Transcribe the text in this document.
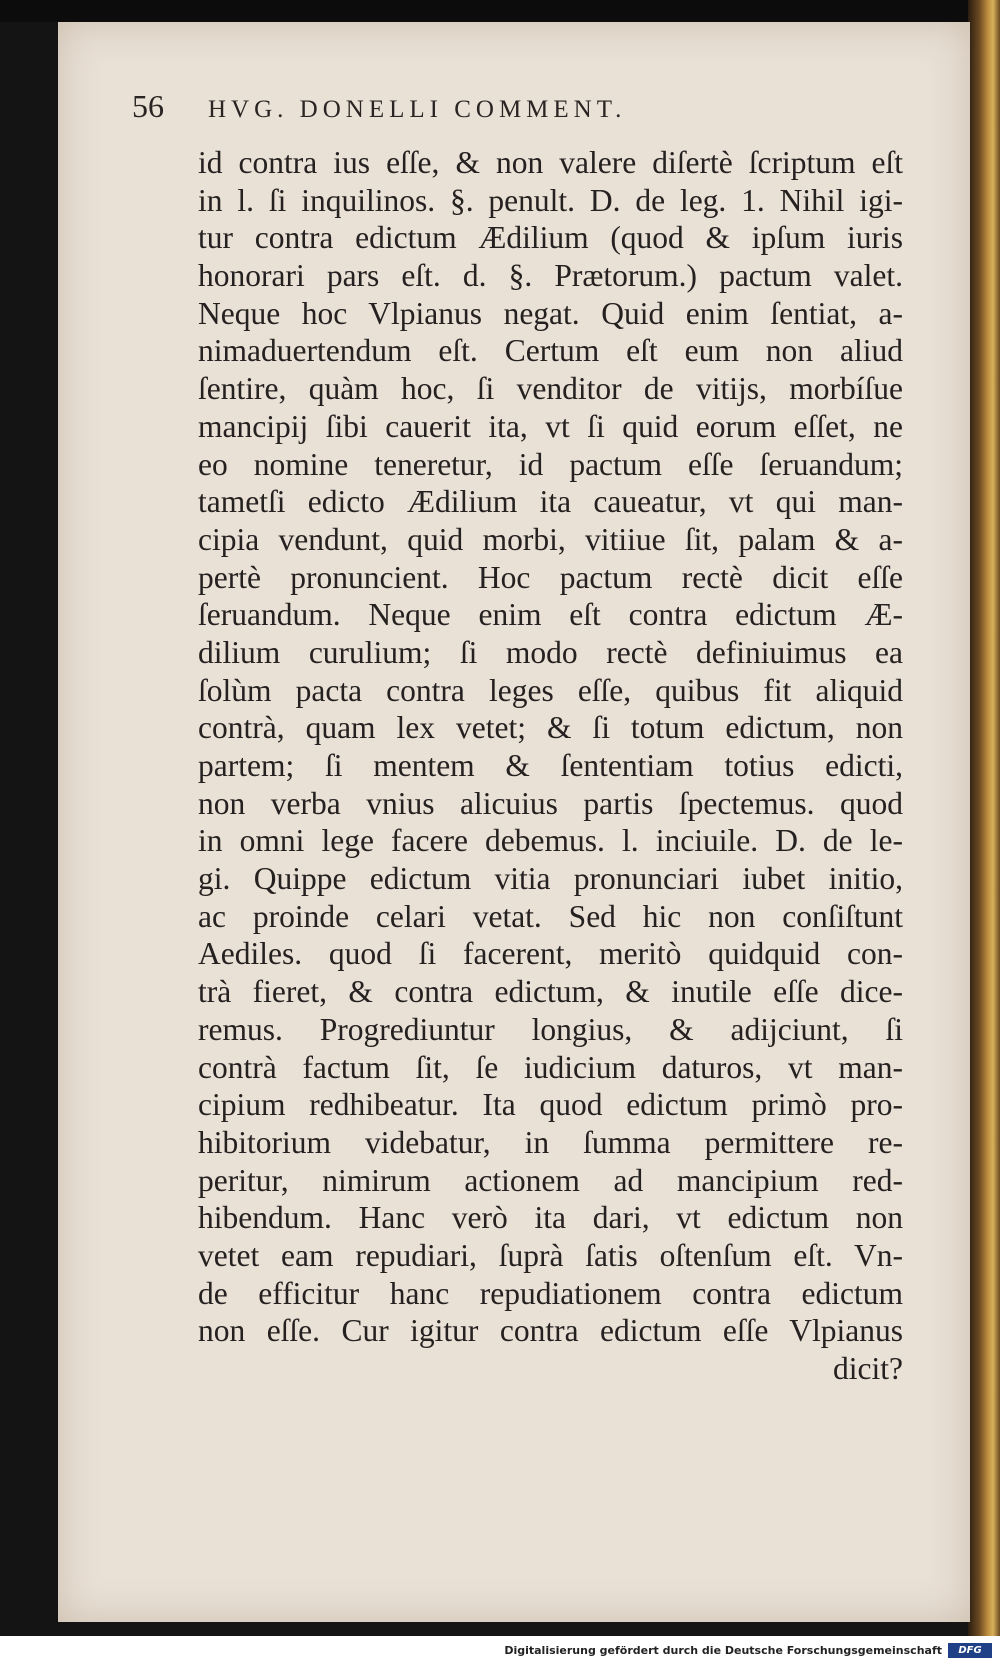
56 HVG. DONELLI COMMENT.
id contra ius eſſe, & non valere diſertè ſcriptum eſt
in l. ſi inquilinos. §. penult. D. de leg. 1. Nihil igi-
tur contra edictum Ædilium (quod & ipſum iuris
honorari pars eſt. d. §. Prætorum.) pactum valet.
Neque hoc Vlpianus negat. Quid enim ſentiat, a-
nimaduertendum eſt. Certum eſt eum non aliud
ſentire, quàm hoc, ſi venditor de vitijs, morbíſue
mancipij ſibi cauerit ita, vt ſi quid eorum eſſet, ne
eo nomine teneretur, id pactum eſſe ſeruandum;
tametſi edicto Ædilium ita caueatur, vt qui man-
cipia vendunt, quid morbi, vitiiue ſit, palam & a-
pertè pronuncient. Hoc pactum rectè dicit eſſe
ſeruandum. Neque enim eſt contra edictum Æ-
dilium curulium; ſi modo rectè definiuimus ea
ſolùm pacta contra leges eſſe, quibus fit aliquid
contrà, quam lex vetet; & ſi totum edictum, non
partem; ſi mentem & ſententiam totius edicti,
non verba vnius alicuius partis ſpectemus. quod
in omni lege facere debemus. l. inciuile. D. de le-
gi. Quippe edictum vitia pronunciari iubet initio,
ac proinde celari vetat. Sed hic non conſiſtunt
Aediles. quod ſi facerent, meritò quidquid con-
trà fieret, & contra edictum, & inutile eſſe dice-
remus. Progrediuntur longius, & adijciunt, ſi
contrà factum ſit, ſe iudicium daturos, vt man-
cipium redhibeatur. Ita quod edictum primò pro-
hibitorium videbatur, in ſumma permittere re-
peritur, nimirum actionem ad mancipium red-
hibendum. Hanc verò ita dari, vt edictum non
vetet eam repudiari, ſuprà ſatis oſtenſum eſt. Vn-
de efficitur hanc repudiationem contra edictum
non eſſe. Cur igitur contra edictum eſſe Vlpianus
dicit?
Digitalisierung gefördert durch die Deutsche Forschungsgemeinschaft	DFG
